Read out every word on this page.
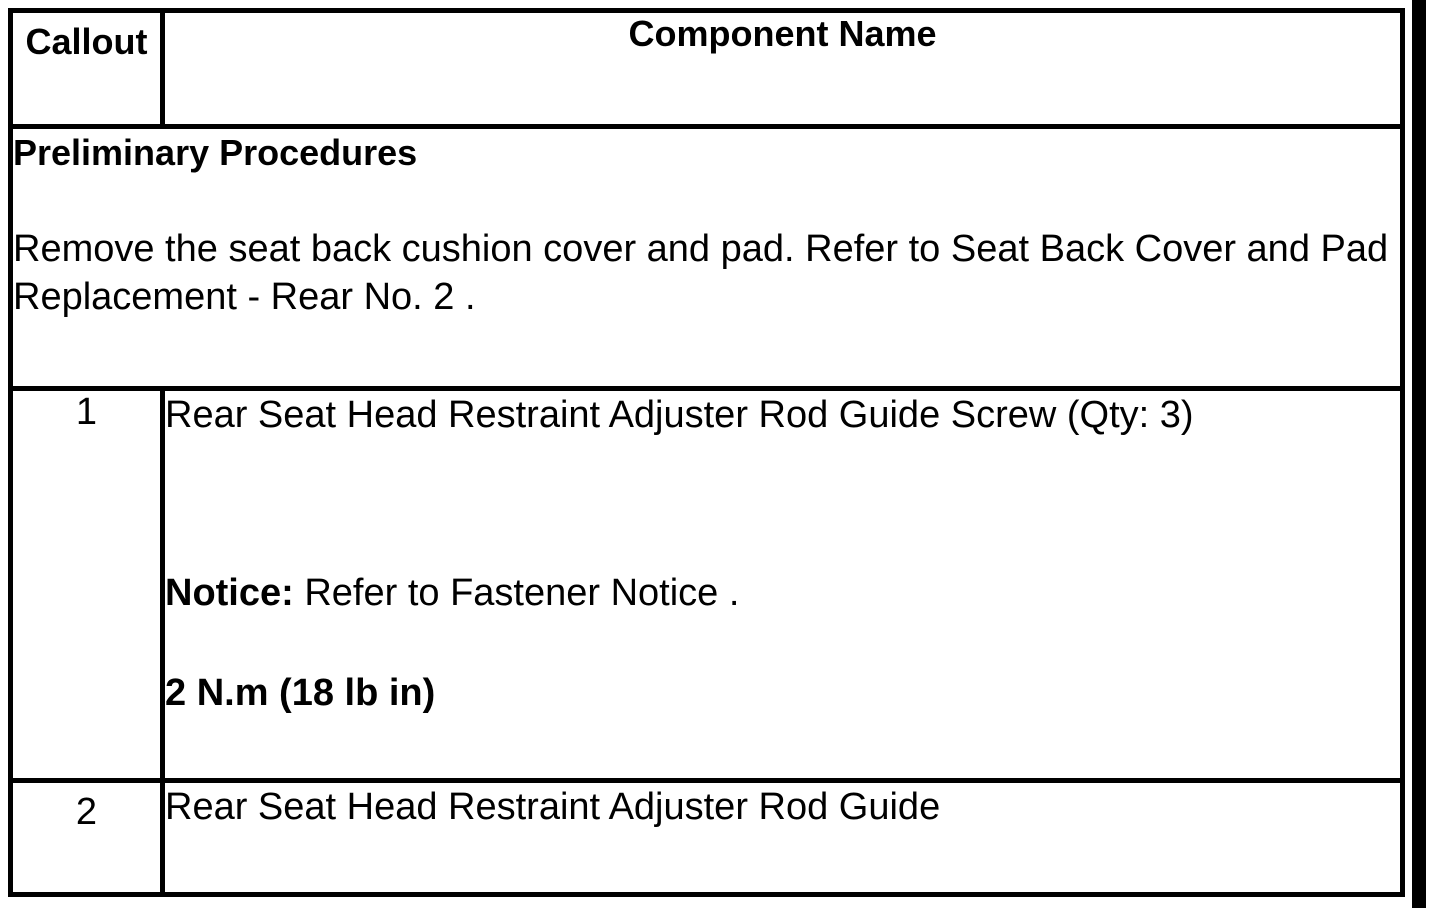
Callout	Component Name

Preliminary Procedures

Remove the seat back cushion cover and pad. Refer to Seat Back Cover and Pad Replacement - Rear No. 2 .	

1	Rear Seat Head Restraint Adjuster Rod Guide Screw (Qty: 3)

Notice: Refer to Fastener Notice .

2 N.m (18 lb in)

2	Rear Seat Head Restraint Adjuster Rod Guide
